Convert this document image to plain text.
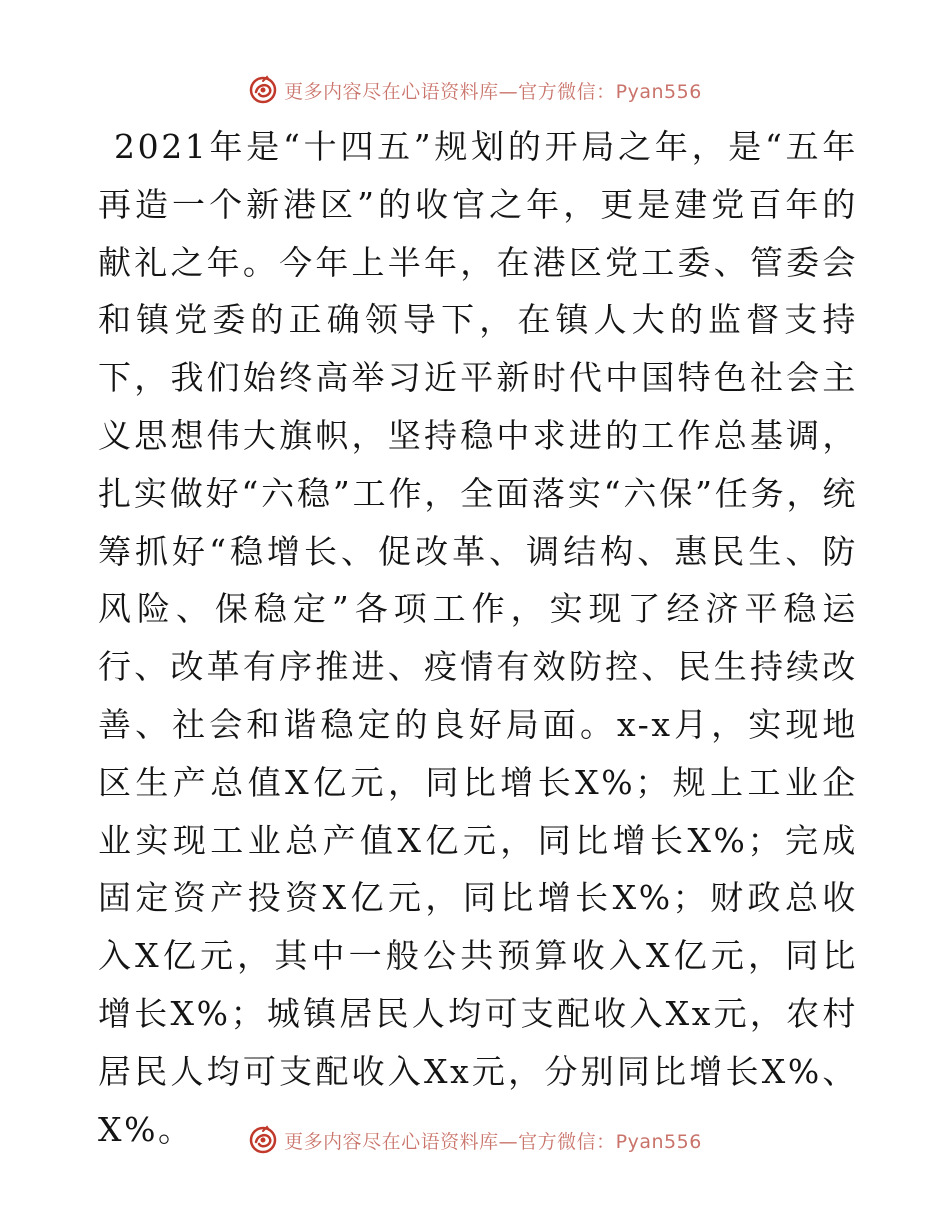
更多内容尽在心语资料库—官方微信：Pyan556

2021年是“十四五”规划的开局之年，是“五年再造一个新港区”的收官之年，更是建党百年的献礼之年。今年上半年，在港区党工委、管委会和镇党委的正确领导下，在镇人大的监督支持下，我们始终高举习近平新时代中国特色社会主义思想伟大旗帜，坚持稳中求进的工作总基调，扎实做好“六稳”工作，全面落实“六保”任务，统筹抓好“稳增长、促改革、调结构、惠民生、防风险、保稳定”各项工作，实现了经济平稳运行、改革有序推进、疫情有效防控、民生持续改善、社会和谐稳定的良好局面。x-x月，实现地区生产总值X亿元，同比增长X%；规上工业企业实现工业总产值X亿元，同比增长X%；完成固定资产投资X亿元，同比增长X%；财政总收入X亿元，其中一般公共预算收入X亿元，同比增长X%；城镇居民人均可支配收入Xx元，农村居民人均可支配收入Xx元，分别同比增长X%、X%。	更多内容尽在心语资料库—官方微信：Pyan556
